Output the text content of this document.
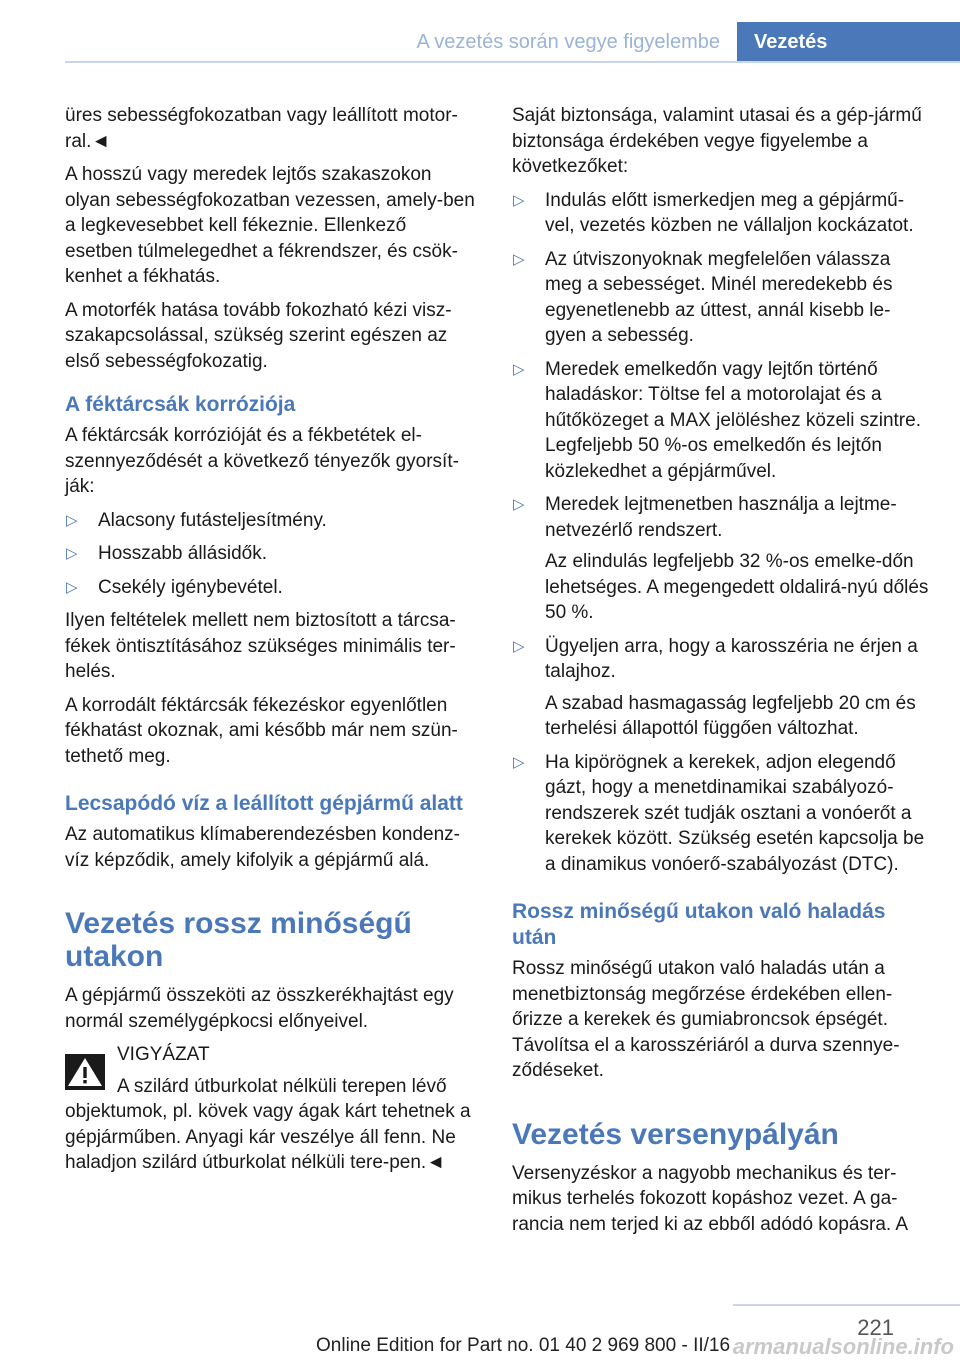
A vezetés során vegye figyelembe	Vezetés

üres sebességfokozatban vagy leállított motor-ral.◄

A hosszú vagy meredek lejtős szakaszokon olyan sebességfokozatban vezessen, amely-ben a legkevesebbet kell fékeznie. Ellenkező esetben túlmelegedhet a fékrendszer, és csök-kenhet a fékhatás.

A motorfék hatása tovább fokozható kézi visz-szakapcsolással, szükség szerint egészen az első sebességfokozatig.

A féktárcsák korróziója

A féktárcsák korrózióját és a fékbetétek el-szennyeződését a következő tényezők gyorsít-ják:

▷ Alacsony futásteljesítmény.
▷ Hosszabb állásidők.
▷ Csekély igénybevétel.

Ilyen feltételek mellett nem biztosított a tárcsa-fékek öntisztításához szükséges minimális ter-helés.

A korrodált féktárcsák fékezéskor egyenlőtlen fékhatást okoznak, ami később már nem szün-tethető meg.

Lecsapódó víz a leállított gépjármű alatt

Az automatikus klímaberendezésben kondenz-víz képződik, amely kifolyik a gépjármű alá.

Vezetés rossz minőségű utakon

A gépjármű összeköti az összkerékhajtást egy normál személygépkocsi előnyeivel.

VIGYÁZAT
A szilárd útburkolat nélküli terepen lévő objektumok, pl. kövek vagy ágak kárt tehetnek a gépjárműben. Anyagi kár veszélye áll fenn. Ne haladjon szilárd útburkolat nélküli tere-pen.◄

Saját biztonsága, valamint utasai és a gép-jármű biztonsága érdekében vegye figyelembe a következőket:

▷ Indulás előtt ismerkedjen meg a gépjármű-vel, vezetés közben ne vállaljon kockázatot.
▷ Az útviszonyoknak megfelelően válassza meg a sebességet. Minél meredekebb és egyenetlenebb az úttest, annál kisebb le-gyen a sebesség.
▷ Meredek emelkedőn vagy lejtőn történő haladáskor: Töltse fel a motorolajat és a hűtőközeget a MAX jelöléshez közeli szintre. Legfeljebb 50 %-os emelkedőn és lejtőn közlekedhet a gépjárművel.
▷ Meredek lejtmenetben használja a lejtme-netvezérlő rendszert.

Az elindulás legfeljebb 32 %-os emelke-dőn lehetséges. A megengedett oldalirá-nyú dőlés 50 %.

▷ Ügyeljen arra, hogy a karosszéria ne érjen a talajhoz.

A szabad hasmagasság legfeljebb 20 cm és terhelési állapottól függően változhat.

▷ Ha kipörögnek a kerekek, adjon elegendő gázt, hogy a menetdinamikai szabályozó-rendszerek szét tudják osztani a vonóerőt a kerekek között. Szükség esetén kapcsolja be a dinamikus vonóerő-szabályozást (DTC).
Rossz minőségű utakon való haladás után

Rossz minőségű utakon való haladás után a menetbiztonság megőrzése érdekében ellen-őrizze a kerekek és gumiabroncsok épségét. Távolítsa el a karosszériáról a durva szennye-ződéseket.

Vezetés versenypályán

Versenyzéskor a nagyobb mechanikus és ter-mikus terhelés fokozott kopáshoz vezet. A ga-rancia nem terjed ki az ebből adódó kopásra. A

221
Online Edition for Part no. 01 40 2 969 800 - II/16 armanualsonline.info
